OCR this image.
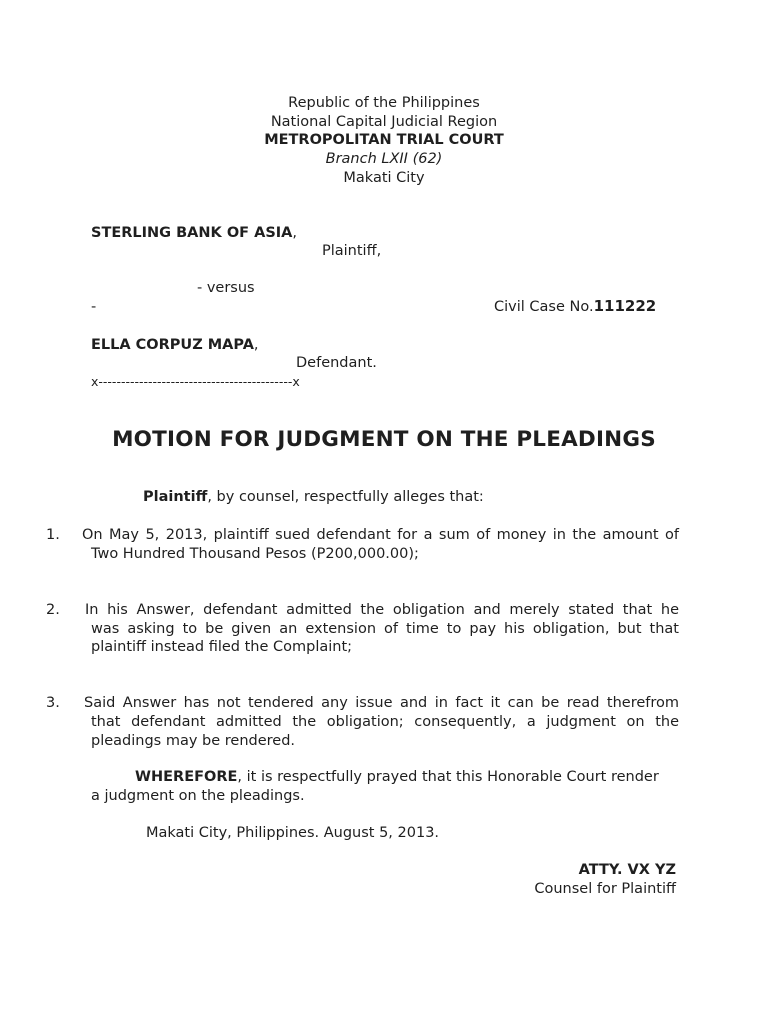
Republic of the Philippines
National Capital Judicial Region
METROPOLITAN TRIAL COURT
Branch LXII (62)
Makati City
STERLING BANK OF ASIA,
Plaintiff,
- versus
-	Civil Case No.111222
ELLA CORPUZ MAPA,
Defendant.
x-------------------------------------------x
MOTION FOR JUDGMENT ON THE PLEADINGS
Plaintiff, by counsel, respectfully alleges that:
1. On May 5, 2013, plaintiff sued defendant for a sum of money in the amount of
Two Hundred Thousand Pesos (P200,000.00);
2. In his Answer, defendant admitted the obligation and merely stated that he
was asking to be given an extension of time to pay his obligation, but that
plaintiff instead filed the Complaint;
3. Said Answer has not tendered any issue and in fact it can be read therefrom
that defendant admitted the obligation; consequently, a judgment on the
pleadings may be rendered.
WHEREFORE, it is respectfully prayed that this Honorable Court render
a judgment on the pleadings.
Makati City, Philippines. August 5, 2013.
ATTY. VX YZ
Counsel for Plaintiff
